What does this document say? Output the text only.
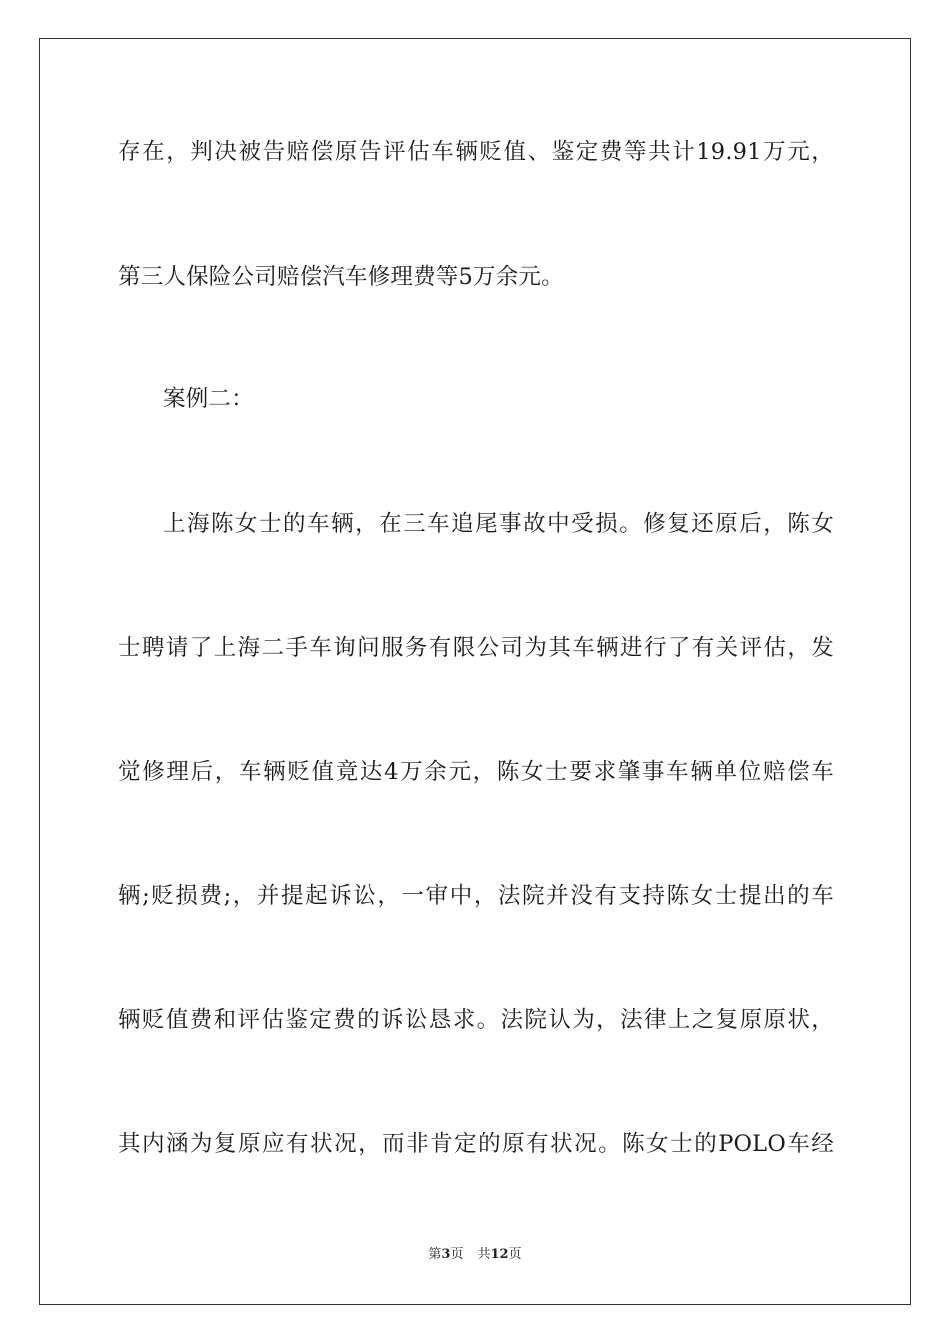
存在，判决被告赔偿原告评估车辆贬值、鉴定费等共计19.91万元，
第三人保险公司赔偿汽车修理费等5万余元。
案例二：
上海陈女士的车辆，在三车追尾事故中受损。修复还原后，陈女
士聘请了上海二手车询问服务有限公司为其车辆进行了有关评估，发
觉修理后，车辆贬值竟达4万余元，陈女士要求肇事车辆单位赔偿车
辆;贬损费;，并提起诉讼，一审中，法院并没有支持陈女士提出的车
辆贬值费和评估鉴定费的诉讼恳求。法院认为，法律上之复原原状，
其内涵为复原应有状况，而非肯定的原有状况。陈女士的POLO车经
第3页 共12页
